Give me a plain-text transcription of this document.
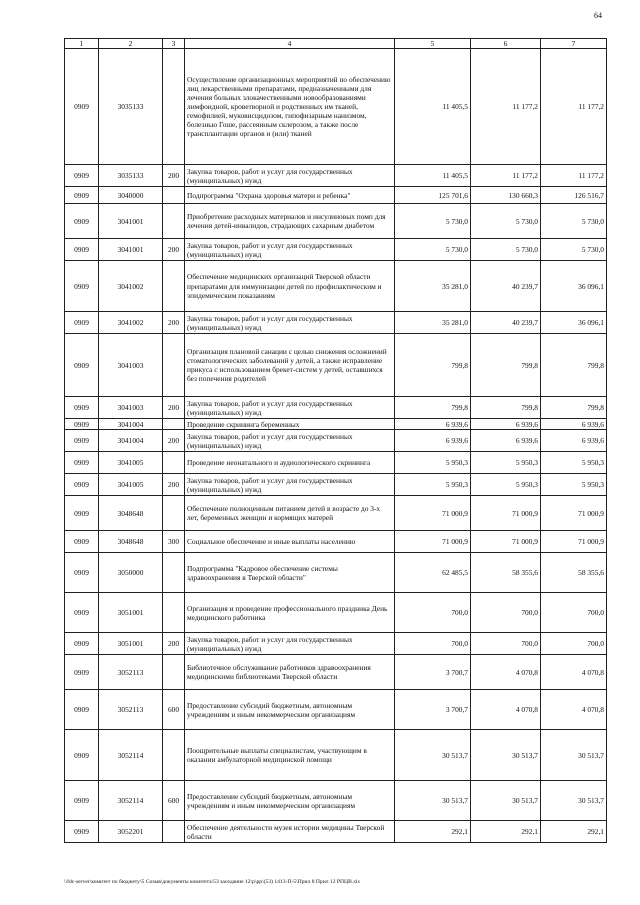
64
1	2	3	4	5	6	7
0909	3035133		Осуществление организационных мероприятий по обеспечению лиц лекарственными препаратами, предназначенными для лечения больных злокачественными новообразованиями лимфоидной, кроветворной и родственных им тканей, гемофилией, муковисцидозом, гипофизарным нанизмом, болезнью Гоше, рассеянным склерозом, а также после трансплантации органов и (или) тканей	11 405,5	11 177,2	11 177,2
0909	3035133	200	Закупка товаров, работ и услуг для государственных (муниципальных) нужд	11 405,5	11 177,2	11 177,2
0909	3040000		Подпрограмма "Охрана здоровья матери и ребенка"	125 701,6	130 660,3	126 516,7
0909	3041001		Приобретение расходных материалов и инсулиновых помп для лечения детей-инвалидов, страдающих сахарным диабетом	5 730,0	5 730,0	5 730,0
0909	3041001	200	Закупка товаров, работ и услуг для государственных (муниципальных) нужд	5 730,0	5 730,0	5 730,0
0909	3041002		Обеспечение медицинских организаций Тверской области препаратами для иммунизации детей по профилактическим и эпидемическим показаниям	35 281,0	40 239,7	36 096,1
0909	3041002	200	Закупка товаров, работ и услуг для государственных (муниципальных) нужд	35 281,0	40 239,7	36 096,1
0909	3041003		Организация плановой санации с целью снижения осложнений стоматологических заболеваний у детей, а также исправление прикуса с использованием брекет-систем у детей, оставшихся без попечения родителей	799,8	799,8	799,8
0909	3041003	200	Закупка товаров, работ и услуг для государственных (муниципальных) нужд	799,8	799,8	799,8
0909	3041004		Проведение скрининга беременных	6 939,6	6 939,6	6 939,6
0909	3041004	200	Закупка товаров, работ и услуг для государственных (муниципальных) нужд	6 939,6	6 939,6	6 939,6
0909	3041005		Проведение неонатального и аудиологического скрининга	5 950,3	5 950,3	5 950,3
0909	3041005	200	Закупка товаров, работ и услуг для государственных (муниципальных) нужд	5 950,3	5 950,3	5 950,3
0909	3048648		Обеспечение полноценным питанием детей в возрасте до 3-х лет, беременных женщин и кормящих матерей	71 000,9	71 000,9	71 000,9
0909	3048648	300	Социальное обеспечение и иные выплаты населению	71 000,9	71 000,9	71 000,9
0909	3050000		Подпрограмма "Кадровое обеспечение системы здравоохранения в Тверской области"	62 485,5	58 355,6	58 355,6
0909	3051001		Организация и проведение профессионального праздника День медицинского работника	700,0	700,0	700,0
0909	3051001	200	Закупка товаров, работ и услуг для государственных (муниципальных) нужд	700,0	700,0	700,0
0909	3052113		Библиотечное обслуживание работников здравоохранения медицинскими библиотеками Тверской области	3 700,7	4 070,8	4 070,8
0909	3052113	600	Предоставление субсидий бюджетным, автономным учреждениям и иным некоммерческим организациям	3 700,7	4 070,8	4 070,8
0909	3052114		Поощрительные выплаты специалистам, участвующим в оказании амбулаторной медицинской помощи	30 513,7	30 513,7	30 513,7
0909	3052114	600	Предоставление субсидий бюджетным, автономным учреждениям и иным некоммерческим организациям	30 513,7	30 513,7	30 513,7
0909	3052201		Обеспечение деятельности музея истории медицины Тверской области	292,1	292,1	292,1
\\fdc-server\комитет по бюджету\5 Созыв\документы комитета\53 заседание 12\р\рр\(53) 1413-П-5\Прил 8 Прил 12 РПЦВ.xls
